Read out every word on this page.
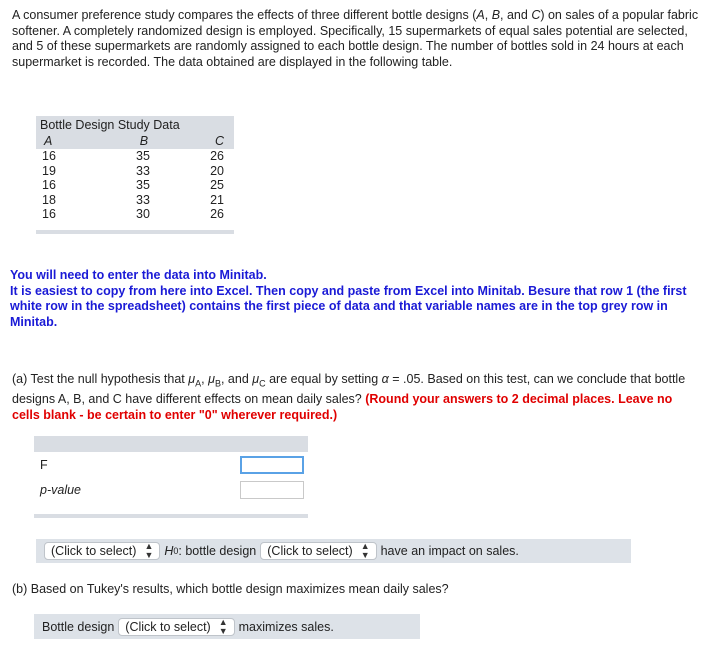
A consumer preference study compares the effects of three different bottle designs (A, B, and C) on sales of a popular fabric softener. A completely randomized design is employed. Specifically, 15 supermarkets of equal sales potential are selected, and 5 of these supermarkets are randomly assigned to each bottle design. The number of bottles sold in 24 hours at each supermarket is recorded. The data obtained are displayed in the following table.
Bottle Design Study Data
A	B	C
16	35	26
19	33	20
16	35	25
18	33	21
16	30	26
You will need to enter the data into Minitab.
It is easiest to copy from here into Excel. Then copy and paste from Excel into Minitab. Besure that row 1 (the first white row in the spreadsheet) contains the first piece of data and that variable names are in the top grey row in Minitab.
(a) Test the null hypothesis that $\mu_A$, $\mu_B$, and $\mu_C$ are equal by setting α = .05. Based on this test, can we conclude that bottle designs A, B, and C have different effects on mean daily sales? (Round your answers to 2 decimal places. Leave no cells blank - be certain to enter "0" wherever required.)
F
p-value
(Click to select) ▲
▼ H 0 : bottle design (Click to select) ▲
▼ have an impact on sales.
(b) Based on Tukey's results, which bottle design maximizes mean daily sales?
Bottle design (Click to select) ▲
▼ maximizes sales.
